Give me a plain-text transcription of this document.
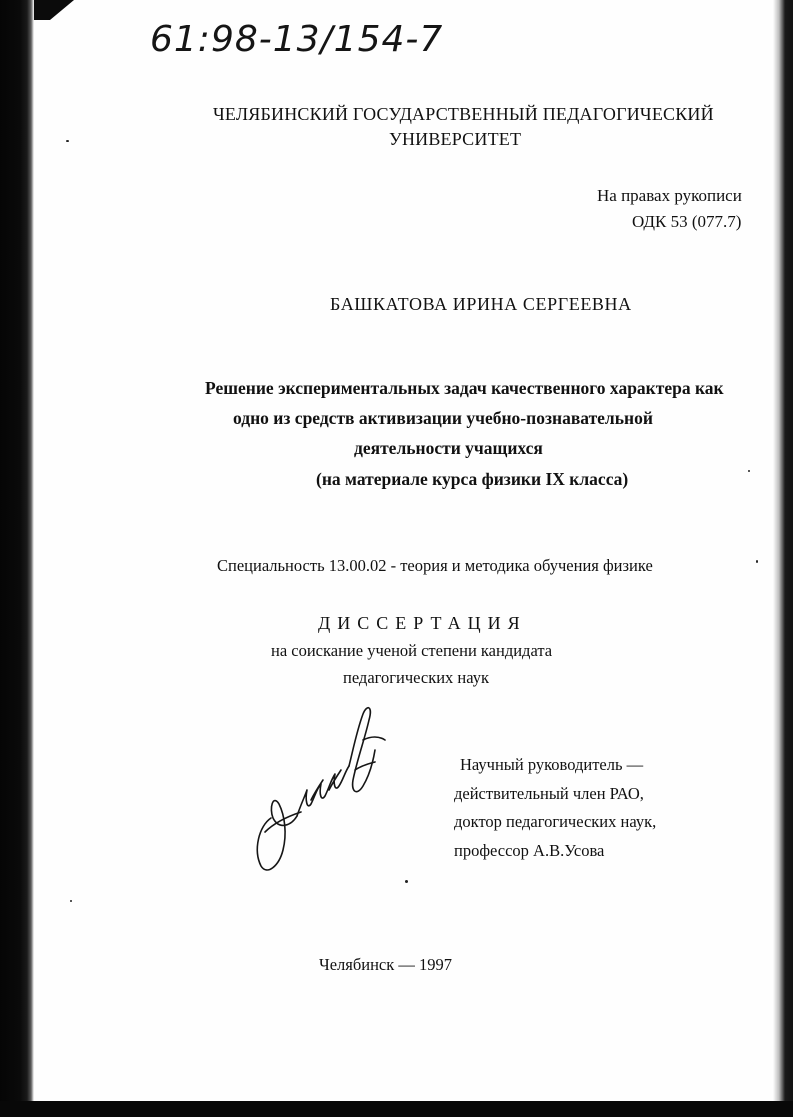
61:98-13/154-7
ЧЕЛЯБИНСКИЙ ГОСУДАРСТВЕННЫЙ ПЕДАГОГИЧЕСКИЙ
УНИВЕРСИТЕТ
На правах рукописи
ОДК 53 (077.7)
БАШКАТОВА ИРИНА СЕРГЕЕВНА
Решение экспериментальных задач качественного характера как
одно из средств активизации учебно-познавательной
деятельности учащихся
(на материале курса физики IX класса)
Специальность 13.00.02 - теория и методика обучения физике
ДИССЕРТАЦИЯ
на соискание ученой степени кандидата
педагогических наук
Научный руководитель —
действительный член РАО,
доктор педагогических наук,
профессор А.В.Усова
Челябинск — 1997
